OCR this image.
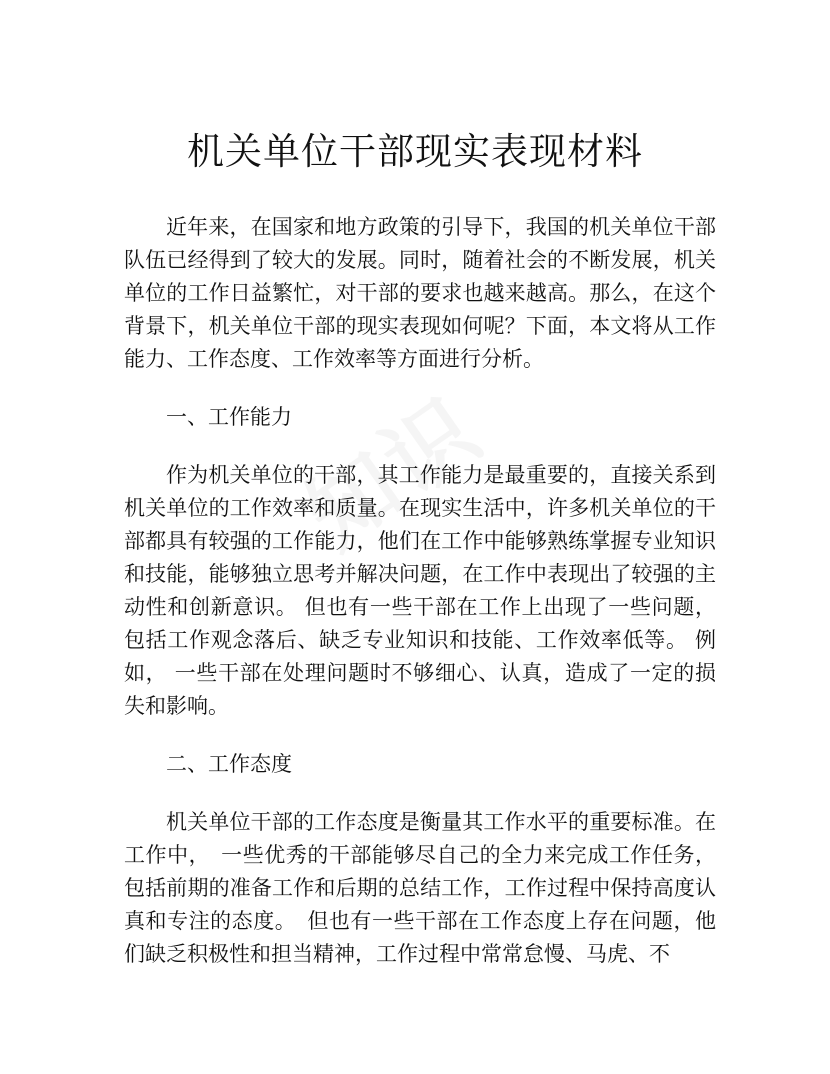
机关单位干部现实表现材料

近年来，在国家和地方政策的引导下，我国的机关单位干部队伍已经得到了较大的发展。同时，随着社会的不断发展，机关单位的工作日益繁忙，对干部的要求也越来越高。那么，在这个背景下，机关单位干部的现实表现如何呢？下面，本文将从工作能力、工作态度、工作效率等方面进行分析。

一、工作能力

作为机关单位的干部，其工作能力是最重要的，直接关系到机关单位的工作效率和质量。在现实生活中，许多机关单位的干部都具有较强的工作能力，他们在工作中能够熟练掌握专业知识和技能，能够独立思考并解决问题，在工作中表现出了较强的主动性和创新意识。 但也有一些干部在工作上出现了一些问题， 包括工作观念落后、缺乏专业知识和技能、工作效率低等。 例如， 一些干部在处理问题时不够细心、认真，造成了一定的损失和影响。

二、工作态度

机关单位干部的工作态度是衡量其工作水平的重要标准。在工作中，　一些优秀的干部能够尽自己的全力来完成工作任务，包括前期的准备工作和后期的总结工作，工作过程中保持高度认真和专注的态度。　但也有一些干部在工作态度上存在问题，他们缺乏积极性和担当精神，工作过程中常常怠慢、马虎、不
